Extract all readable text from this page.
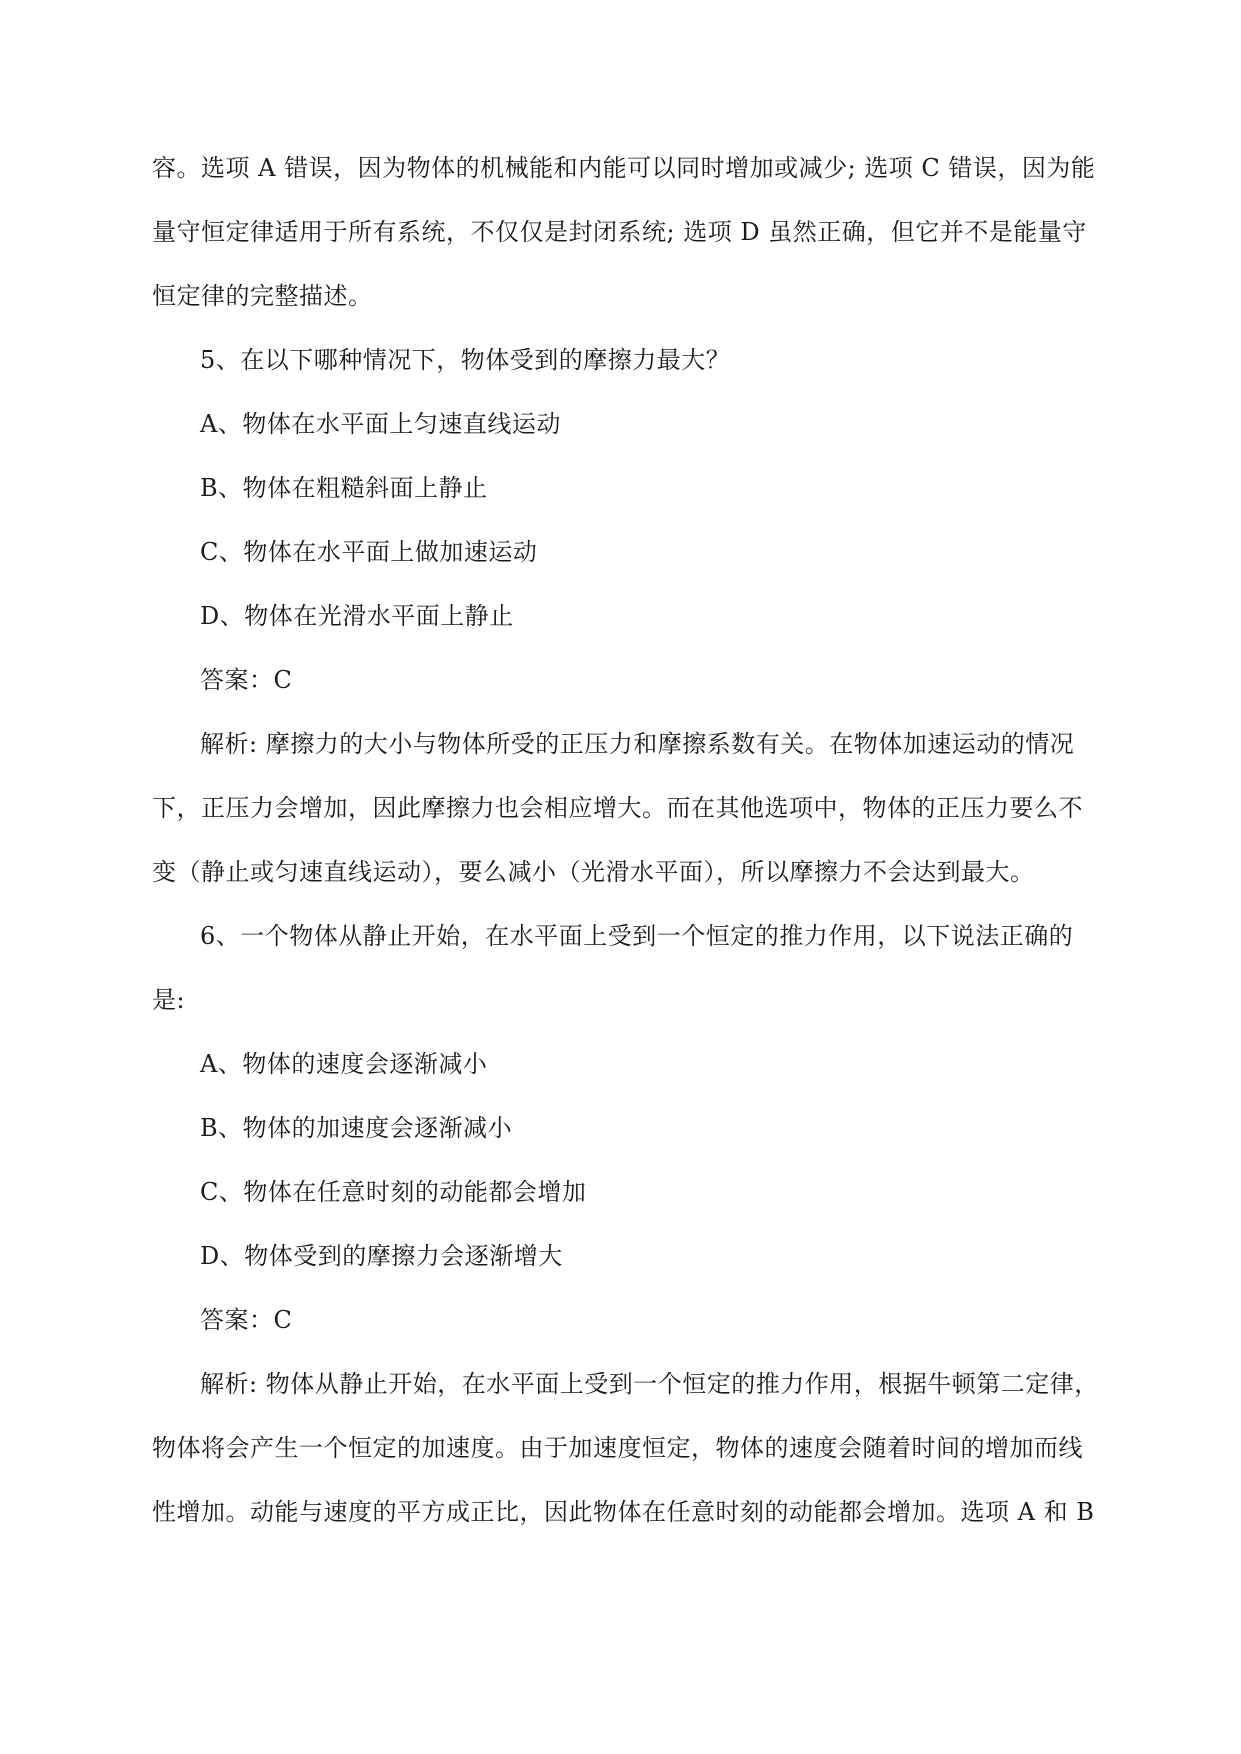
容。选项 A 错误，因为物体的机械能和内能可以同时增加或减少; 选项 C 错误，因为能
量守恒定律适用于所有系统，不仅仅是封闭系统; 选项 D 虽然正确，但它并不是能量守
恒定律的完整描述。
5、在以下哪种情况下，物体受到的摩擦力最大？
A、物体在水平面上匀速直线运动
B、物体在粗糙斜面上静止
C、物体在水平面上做加速运动
D、物体在光滑水平面上静止
答案：C
解析: 摩擦力的大小与物体所受的正压力和摩擦系数有关。在物体加速运动的情况
下，正压力会增加，因此摩擦力也会相应增大。而在其他选项中，物体的正压力要么不
变（静止或匀速直线运动），要么减小（光滑水平面），所以摩擦力不会达到最大。
6、一个物体从静止开始，在水平面上受到一个恒定的推力作用，以下说法正确的
是:
A、物体的速度会逐渐减小
B、物体的加速度会逐渐减小
C、物体在任意时刻的动能都会增加
D、物体受到的摩擦力会逐渐增大
答案：C
解析: 物体从静止开始，在水平面上受到一个恒定的推力作用，根据牛顿第二定律，
物体将会产生一个恒定的加速度。由于加速度恒定，物体的速度会随着时间的增加而线
性增加。动能与速度的平方成正比，因此物体在任意时刻的动能都会增加。选项 A 和 B
